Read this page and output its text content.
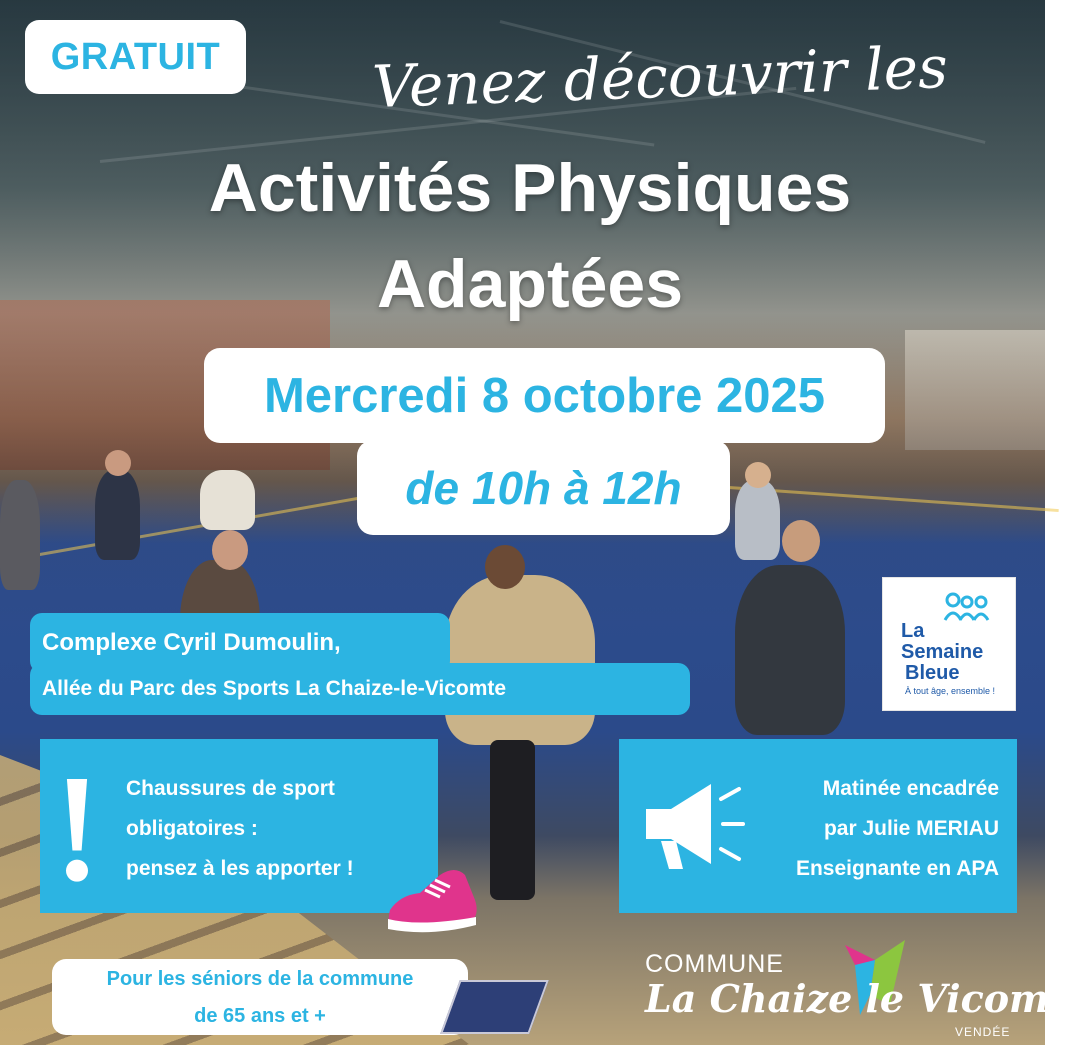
GRATUIT	Venez découvrir les
Activités Physiques
Adaptées
Mercredi 8 octobre 2025
de 10h à 12h
Complexe Cyril Dumoulin,
Allée du Parc des Sports La Chaize-le-Vicomte
La
Semaine
Bleue
À tout âge, ensemble !
Chaussures de sport
obligatoires :
pensez à les apporter !
Matinée encadrée
par Julie MERIAU
Enseignante en APA
Pour les séniors de la commune
de 65 ans et +
COMMUNE
La Chaize le Vicomte
VENDÉE
